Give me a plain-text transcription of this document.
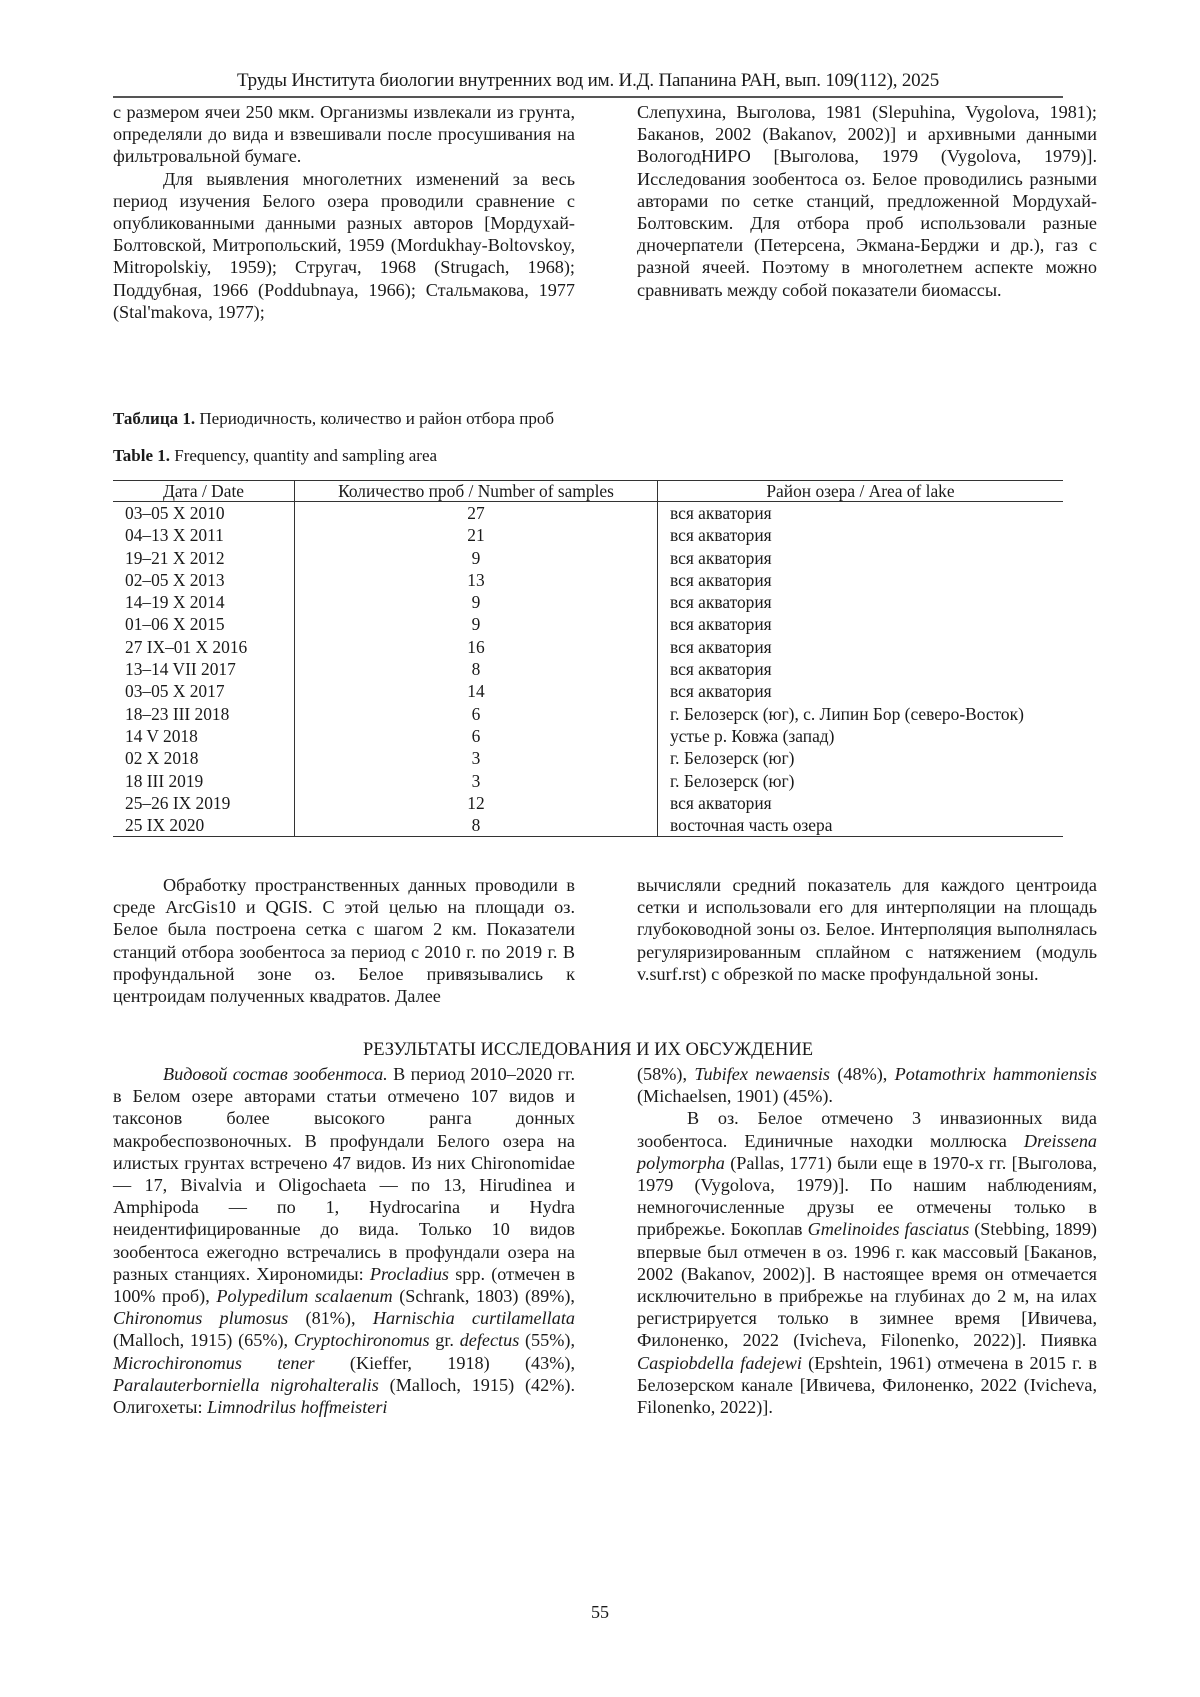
Труды Института биологии внутренних вод им. И.Д. Папанина РАН, вып. 109(112), 2025

с размером ячеи 250 мкм. Организмы извлекали из грунта, определяли до вида и взвешивали после просушивания на фильтровальной бумаге.

Для выявления многолетних изменений за весь период изучения Белого озера проводили сравнение с опубликованными данными разных авторов [Мордухай-Болтовской, Митропольский, 1959 (Mordukhay-Boltovskoy, Mitropolskiy, 1959); Стругач, 1968 (Strugach, 1968); Поддубная, 1966 (Poddubnaya, 1966); Стальмакова, 1977 (Stal'makova, 1977);

Слепухина, Выголова, 1981 (Slepuhina, Vygolova, 1981); Баканов, 2002 (Bakanov, 2002)] и архивными данными ВологодНИРО [Выголова, 1979 (Vygolova, 1979)]. Исследования зообентоса оз. Белое проводились разными авторами по сетке станций, предложенной Мордухай-Болтовским. Для отбора проб использовали разные дночерпатели (Петерсена, Экмана-Берджи и др.), газ с разной ячеей. Поэтому в многолетнем аспекте можно сравнивать между собой показатели биомассы.

Таблица 1. Периодичность, количество и район отбора проб
Table 1. Frequency, quantity and sampling area
Дата / Date	Количество проб / Number of samples	Район озера / Area of lake
03–05 X 2010	27	вся акватория
04–13 X 2011	21	вся акватория
19–21 X 2012	9	вся акватория
02–05 X 2013	13	вся акватория
14–19 X 2014	9	вся акватория
01–06 X 2015	9	вся акватория
27 IX–01 X 2016	16	вся акватория
13–14 VII 2017	8	вся акватория
03–05 X 2017	14	вся акватория
18–23 III 2018	6	г. Белозерск (юг), с. Липин Бор (северо-Восток)
14 V 2018	6	устье р. Ковжа (запад)
02 X 2018	3	г. Белозерск (юг)
18 III 2019	3	г. Белозерск (юг)
25–26 IX 2019	12	вся акватория
25 IX 2020	8	восточная часть озера

Обработку пространственных данных проводили в среде ArcGis10 и QGIS. С этой целью на площади оз. Белое была построена сетка с шагом 2 км. Показатели станций отбора зообентоса за период с 2010 г. по 2019 г. В профундальной зоне оз. Белое привязывались к центроидам полученных квадратов. Далее

вычисляли средний показатель для каждого центроида сетки и использовали его для интерполяции на площадь глубоководной зоны оз. Белое. Интерполяция выполнялась регуляризированным сплайном с натяжением (модуль v.surf.rst) с обрезкой по маске профундальной зоны.

РЕЗУЛЬТАТЫ ИССЛЕДОВАНИЯ И ИХ ОБСУЖДЕНИЕ

Видовой состав зообентоса. В период 2010–2020 гг. в Белом озере авторами статьи отмечено 107 видов и таксонов более высокого ранга донных макробеспозвоночных. В профундали Белого озера на илистых грунтах встречено 47 видов. Из них Chironomidae — 17, Bivalvia и Oligochaeta — по 13, Hirudinea и Amphipoda — по 1, Hydrocarina и Hydra неидентифицированные до вида. Только 10 видов зообентоса ежегодно встречались в профундали озера на разных станциях. Хирономиды: Procladius spp. (отмечен в 100% проб), Polypedilum scalaenum (Schrank, 1803) (89%), Chironomus plumosus (81%), Harnischia curtilamellata (Malloch, 1915) (65%), Cryptochironomus gr. defectus (55%), Microchironomus tener (Kieffer, 1918) (43%), Paralauterborniella nigrohalteralis (Malloch, 1915) (42%). Олигохеты: Limnodrilus hoffmeisteri

(58%), Tubifex newaensis (48%), Potamothrix hammoniensis (Michaelsen, 1901) (45%).

В оз. Белое отмечено 3 инвазионных вида зообентоса. Единичные находки моллюска Dreissena polymorpha (Pallas, 1771) были еще в 1970-х гг. [Выголова, 1979 (Vygolova, 1979)]. По нашим наблюдениям, немногочисленные друзы ее отмечены только в прибрежье. Бокоплав Gmelinoides fasciatus (Stebbing, 1899) впервые был отмечен в оз. 1996 г. как массовый [Баканов, 2002 (Bakanov, 2002)]. В настоящее время он отмечается исключительно в прибрежье на глубинах до 2 м, на илах регистрируется только в зимнее время [Ивичева, Филоненко, 2022 (Ivicheva, Filonenko, 2022)]. Пиявка Caspiobdella fadejewi (Epshtein, 1961) отмечена в 2015 г. в Белозерском канале [Ивичева, Филоненко, 2022 (Ivicheva, Filonenko, 2022)].

55
